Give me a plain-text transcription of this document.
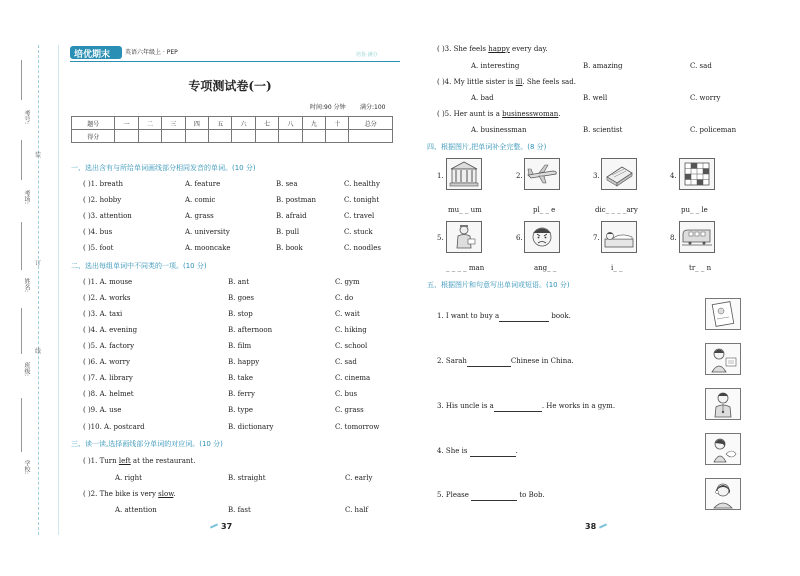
考号:
考场:
姓名:
班级:
学校:
装
订
线
培优期末 英语六年级上 · PEP	培优·满分
专项测试卷(一)
时间:90 分钟 满分:100
题号	一	二	三	四	五	六	七	八	九	十	总分
得分											
一、选出含有与所给单词画线部分相同发音的单词。(10 分)
( )1. breath	A. feature	B. sea	C. healthy
( )2. hobby	A. comic	B. postman	C. tonight
( )3. attention	A. grass	B. afraid	C. travel
( )4. bus	A. university	B. pull	C. stuck
( )5. foot	A. mooncake	B. book	C. noodles
二、选出每组单词中不同类的一项。(10 分)
( )1. A. mouse	B. ant	C. gym
( )2. A. works	B. goes	C. do
( )3. A. taxi	B. stop	C. wait
( )4. A. evening	B. afternoon	C. hiking
( )5. A. factory	B. film	C. school
( )6. A. worry	B. happy	C. sad
( )7. A. library	B. take	C. cinema
( )8. A. helmet	B. ferry	C. bus
( )9. A. use	B. type	C. grass
( )10. A. postcard	B. dictionary	C. tomorrow
三、读一读,选择画线部分单词的对应词。(10 分)
( )1. Turn left at the restaurant.
A. right	B. straight	C. early
( )2. The bike is very slow.
A. attention	B. fast	C. half
37
( )3. She feels happy every day.
A. interesting	B. amazing	C. sad
( )4. My little sister is ill. She feels sad.
A. bad	B. well	C. worry
( )5. Her aunt is a businesswoman.
A. businessman	B. scientist	C. policeman
四、根据图片,把单词补全完整。(8 分)
1.
mu_ _ um
2.
pl_ _ e
3.
dic_ _ _ _ary
4.
pu_ _ le
5.
_ _ _ _ man
6.
ang_ _
7.
i_ _
8.
tr_ _ n
五、根据图片和句意写出单词或短语。(10 分)
1. I want to buy a	book.
2. Sarah	Chinese in China.
3. His uncle is a	. He works in a gym.
4. She is	.
5. Please	to Bob.
38
